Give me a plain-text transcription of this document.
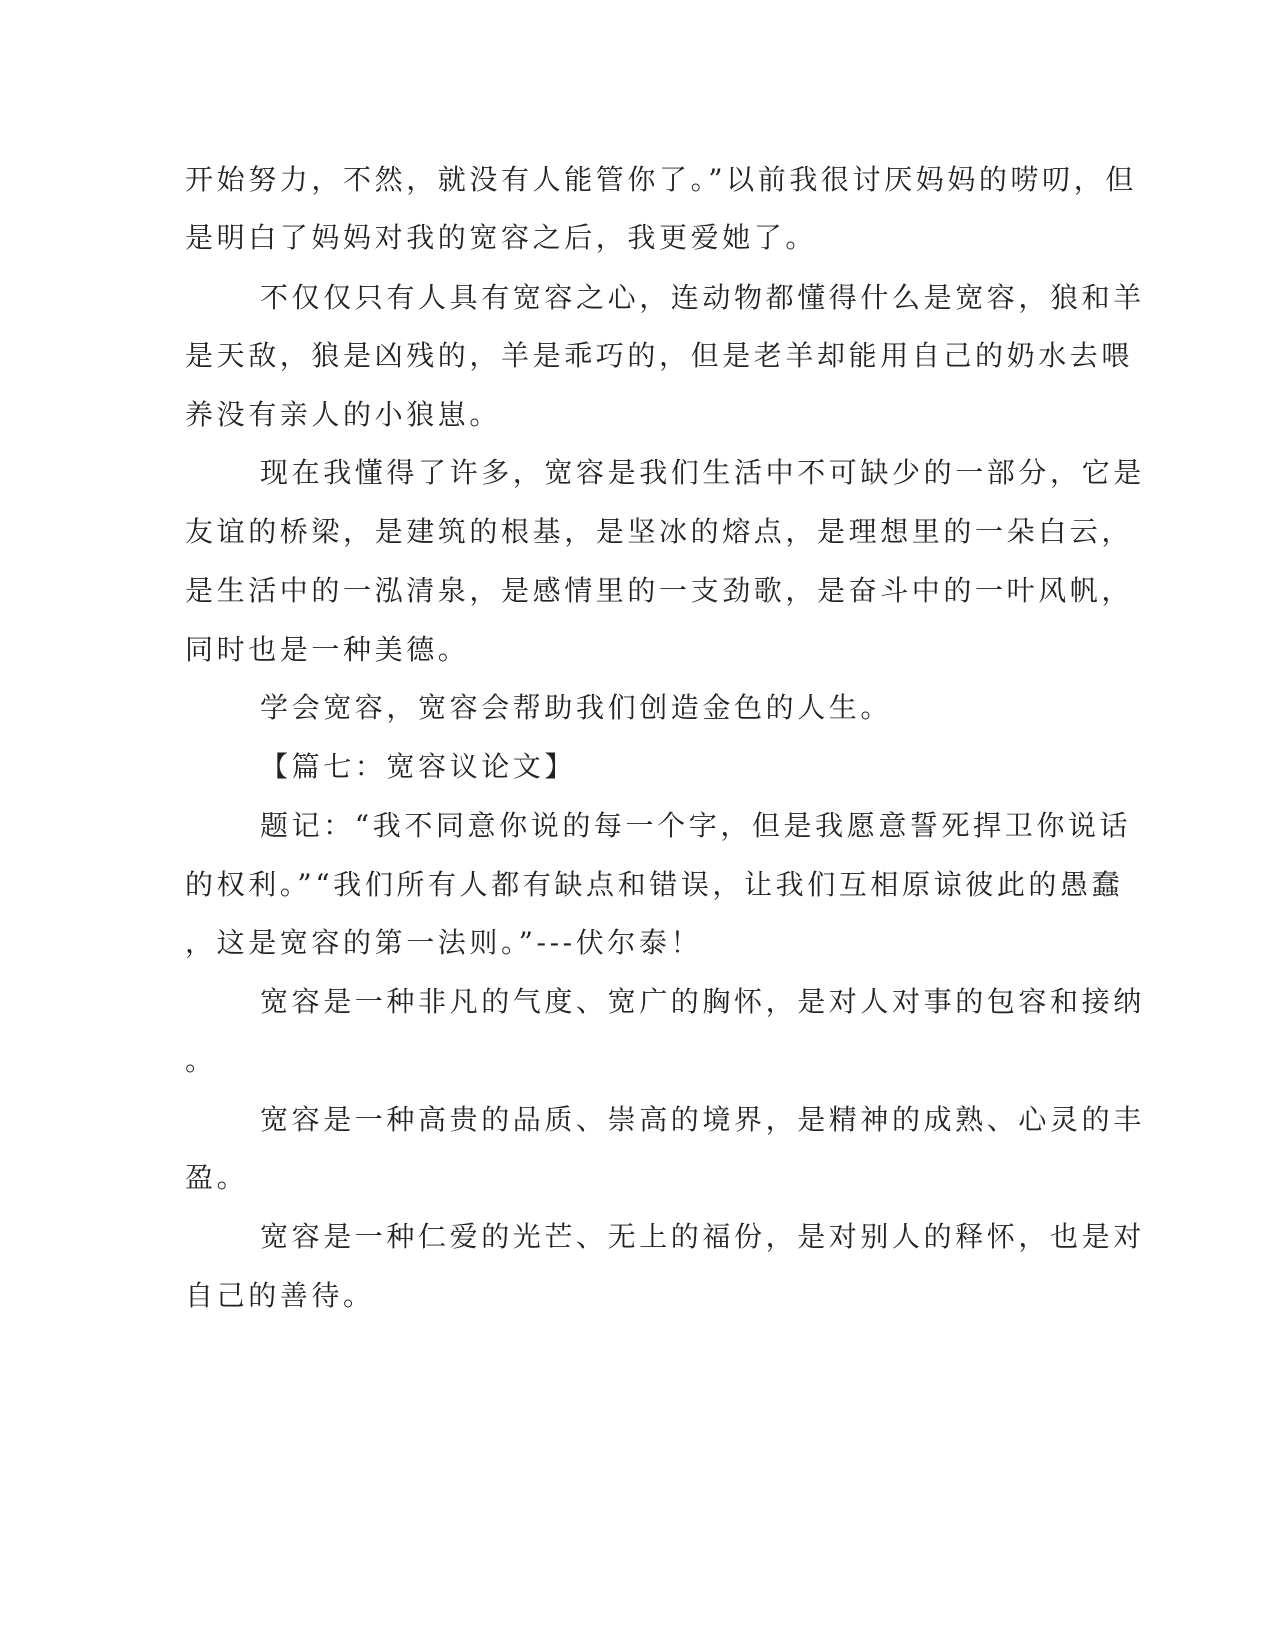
开始努力，不然，就没有人能管你了。”以前我很讨厌妈妈的唠叨，但
是明白了妈妈对我的宽容之后，我更爱她了。
不仅仅只有人具有宽容之心，连动物都懂得什么是宽容，狼和羊
是天敌，狼是凶残的，羊是乖巧的，但是老羊却能用自己的奶水去喂
养没有亲人的小狼崽。
现在我懂得了许多，宽容是我们生活中不可缺少的一部分，它是
友谊的桥梁，是建筑的根基，是坚冰的熔点，是理想里的一朵白云，
是生活中的一泓清泉，是感情里的一支劲歌，是奋斗中的一叶风帆，
同时也是一种美德。
学会宽容，宽容会帮助我们创造金色的人生。
【篇七：宽容议论文】
题记：“我不同意你说的每一个字，但是我愿意誓死捍卫你说话
的权利。”“我们所有人都有缺点和错误，让我们互相原谅彼此的愚蠢
，这是宽容的第一法则。”---伏尔泰！
宽容是一种非凡的气度、宽广的胸怀，是对人对事的包容和接纳
。
宽容是一种高贵的品质、崇高的境界，是精神的成熟、心灵的丰
盈。
宽容是一种仁爱的光芒、无上的福份，是对别人的释怀，也是对
自己的善待。
